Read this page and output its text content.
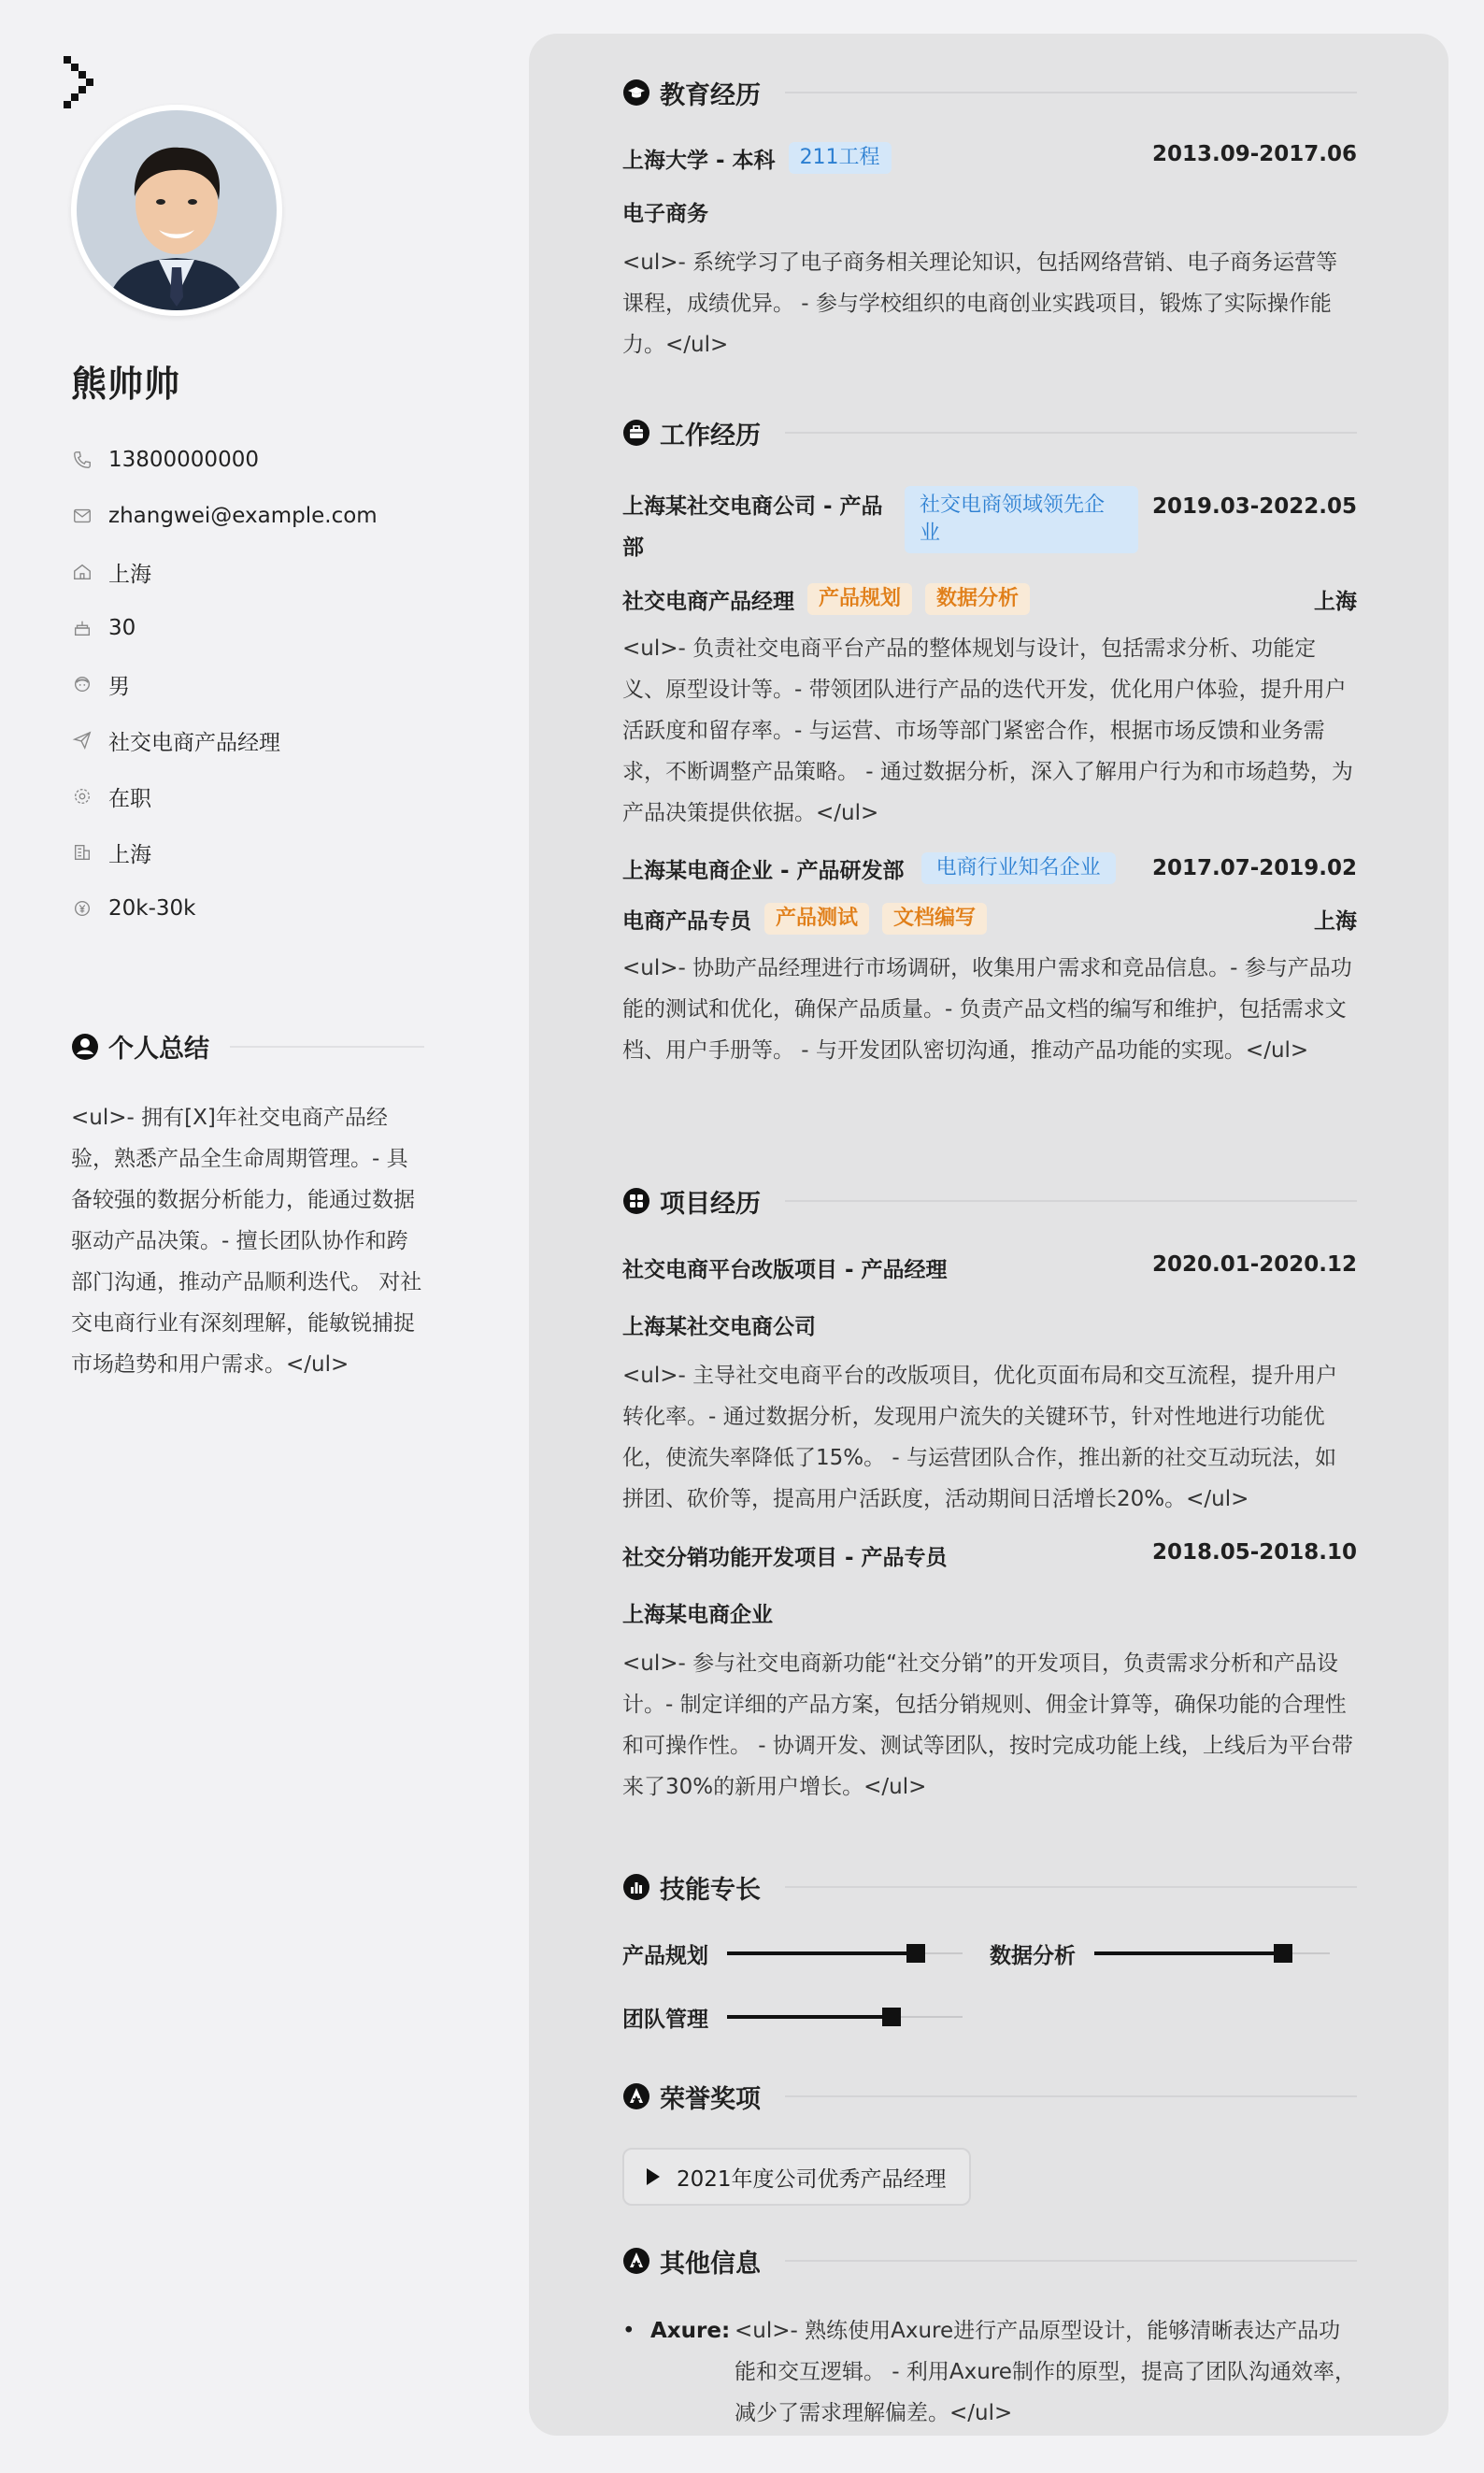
熊帅帅
13800000000
zhangwei@example.com
上海
30
男
社交电商产品经理
在职
上海
20k-30k
个人总结
<ul>- 拥有[X]年社交电商产品经验，熟悉产品全生命周期管理。- 具备较强的数据分析能力，能通过数据驱动产品决策。- 擅长团队协作和跨部门沟通，推动产品顺利迭代。 对社交电商行业有深刻理解，能敏锐捕捉市场趋势和用户需求。</ul>
教育经历
上海大学 - 本科	211工程	2013.09-2017.06
电子商务
<ul>- 系统学习了电子商务相关理论知识，包括网络营销、电子商务运营等课程，成绩优异。 - 参与学校组织的电商创业实践项目，锻炼了实际操作能力。</ul>
工作经历
上海某社交电商公司 - 产品部
社交电商领域领先企业
2019.03-2022.05
社交电商产品经理	产品规划	数据分析	上海
<ul>- 负责社交电商平台产品的整体规划与设计，包括需求分析、功能定义、原型设计等。- 带领团队进行产品的迭代开发，优化用户体验，提升用户活跃度和留存率。- 与运营、市场等部门紧密合作，根据市场反馈和业务需求，不断调整产品策略。 - 通过数据分析，深入了解用户行为和市场趋势，为产品决策提供依据。</ul>
上海某电商企业 - 产品研发部	电商行业知名企业	2017.07-2019.02
电商产品专员	产品测试	文档编写	上海
<ul>- 协助产品经理进行市场调研，收集用户需求和竞品信息。- 参与产品功能的测试和优化，确保产品质量。- 负责产品文档的编写和维护，包括需求文档、用户手册等。 - 与开发团队密切沟通，推动产品功能的实现。</ul>
项目经历
社交电商平台改版项目 - 产品经理	2020.01-2020.12
上海某社交电商公司
<ul>- 主导社交电商平台的改版项目，优化页面布局和交互流程，提升用户转化率。- 通过数据分析，发现用户流失的关键环节，针对性地进行功能优化，使流失率降低了15%。 - 与运营团队合作，推出新的社交互动玩法，如拼团、砍价等，提高用户活跃度，活动期间日活增长20%。</ul>
社交分销功能开发项目 - 产品专员	2018.05-2018.10
上海某电商企业
<ul>- 参与社交电商新功能“社交分销”的开发项目，负责需求分析和产品设计。- 制定详细的产品方案，包括分销规则、佣金计算等，确保功能的合理性和可操作性。 - 协调开发、测试等团队，按时完成功能上线，上线后为平台带来了30%的新用户增长。</ul>
技能专长
产品规划	数据分析
团队管理
荣誉奖项
2021年度公司优秀产品经理
其他信息
• Axure: <ul>- 熟练使用Axure进行产品原型设计，能够清晰表达产品功能和交互逻辑。 - 利用Axure制作的原型，提高了团队沟通效率，减少了需求理解偏差。</ul>
